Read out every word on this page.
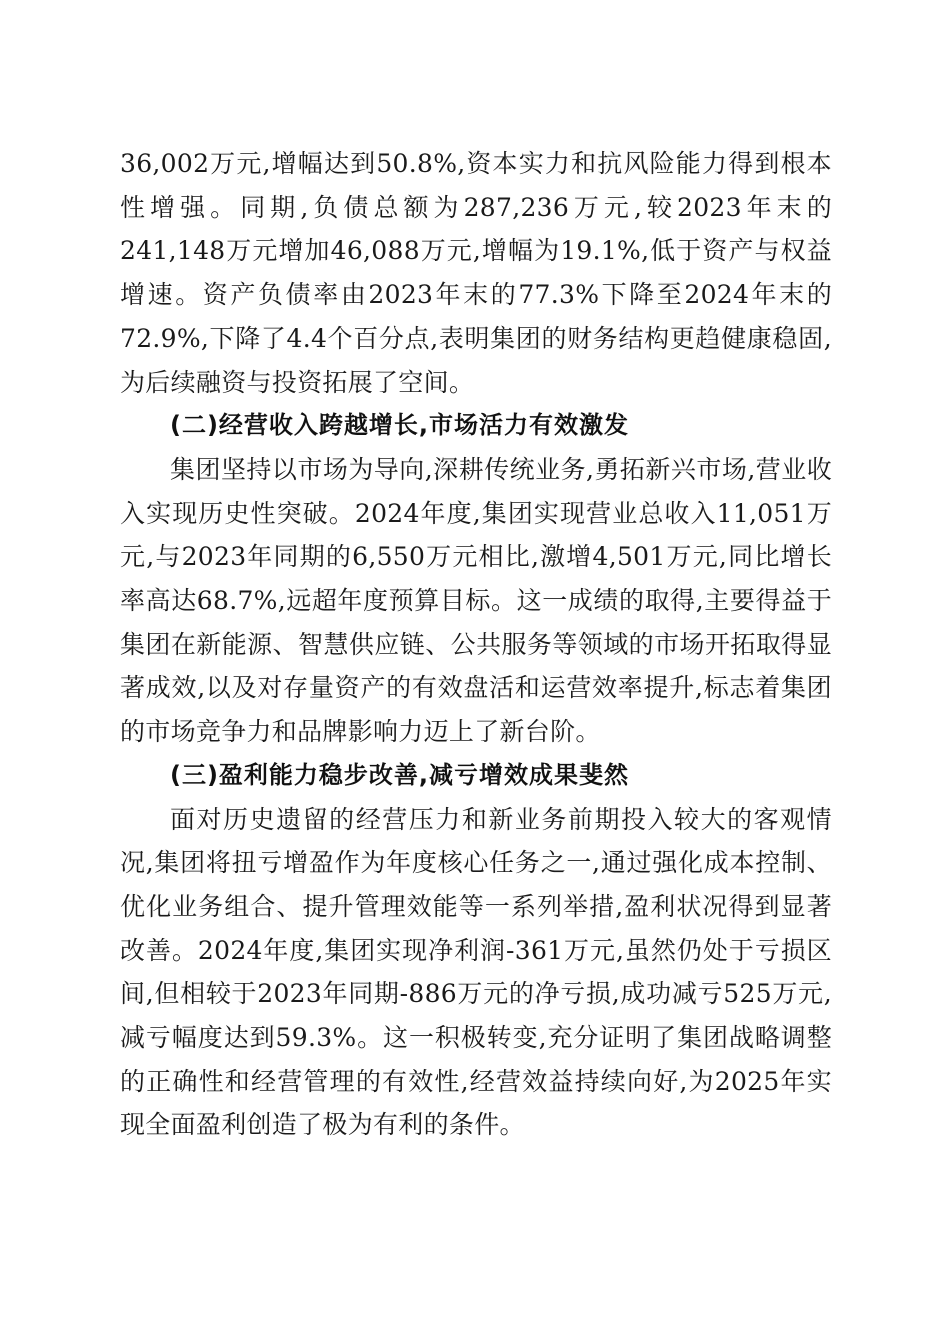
36,002万元,增幅达到50.8%,资本实力和抗风险能力得到根本性增强。同期,负债总额为287,236万元,较2023年末的241,148万元增加46,088万元,增幅为19.1%,低于资产与权益增速。资产负债率由2023年末的77.3%下降至2024年末的72.9%,下降了4.4个百分点,表明集团的财务结构更趋健康稳固,为后续融资与投资拓展了空间。

(二)经营收入跨越增长,市场活力有效激发

集团坚持以市场为导向,深耕传统业务,勇拓新兴市场,营业收入实现历史性突破。2024年度,集团实现营业总收入11,051万元,与2023年同期的6,550万元相比,激增4,501万元,同比增长率高达68.7%,远超年度预算目标。这一成绩的取得,主要得益于集团在新能源、智慧供应链、公共服务等领域的市场开拓取得显著成效,以及对存量资产的有效盘活和运营效率提升,标志着集团的市场竞争力和品牌影响力迈上了新台阶。

(三)盈利能力稳步改善,减亏增效成果斐然

面对历史遗留的经营压力和新业务前期投入较大的客观情况,集团将扭亏增盈作为年度核心任务之一,通过强化成本控制、优化业务组合、提升管理效能等一系列举措,盈利状况得到显著改善。2024年度,集团实现净利润-361万元,虽然仍处于亏损区间,但相较于2023年同期-886万元的净亏损,成功减亏525万元,减亏幅度达到59.3%。这一积极转变,充分证明了集团战略调整的正确性和经营管理的有效性,经营效益持续向好,为2025年实现全面盈利创造了极为有利的条件。
